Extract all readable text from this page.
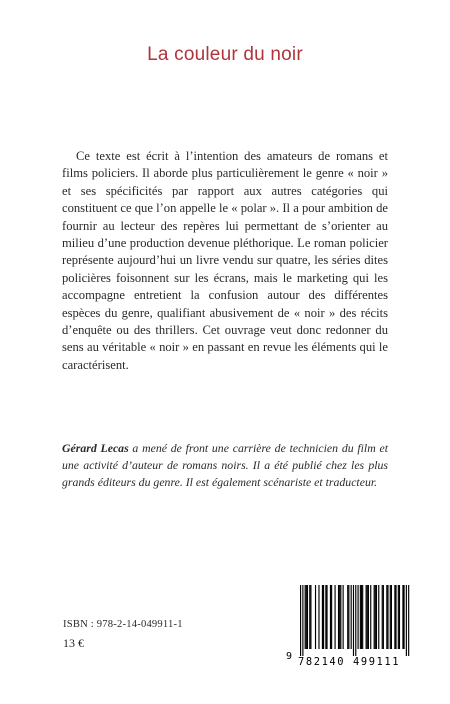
La couleur du noir

Ce texte est écrit à l’intention des amateurs de romans et films policiers. Il aborde plus particulièrement le genre « noir » et ses spécificités par rapport aux autres catégories qui constituent ce que l’on appelle le « polar ». Il a pour ambition de fournir au lecteur des repères lui permettant de s’orienter au milieu d’une production devenue pléthorique. Le roman policier représente aujourd’hui un livre vendu sur quatre, les séries dites policières foisonnent sur les écrans, mais le marketing qui les accompagne entretient la confusion autour des différentes espèces du genre, qualifiant abusivement de « noir » des récits d’enquête ou des thrillers. Cet ouvrage veut donc redonner du sens au véritable « noir » en passant en revue les éléments qui le caractérisent.

Gérard Lecas a mené de front une carrière de technicien du film et une activité d’auteur de romans noirs. Il a été publié chez les plus grands éditeurs du genre. Il est également scénariste et traducteur.

ISBN : 978-2-14-049911-1
13 €
9 782140 499111
